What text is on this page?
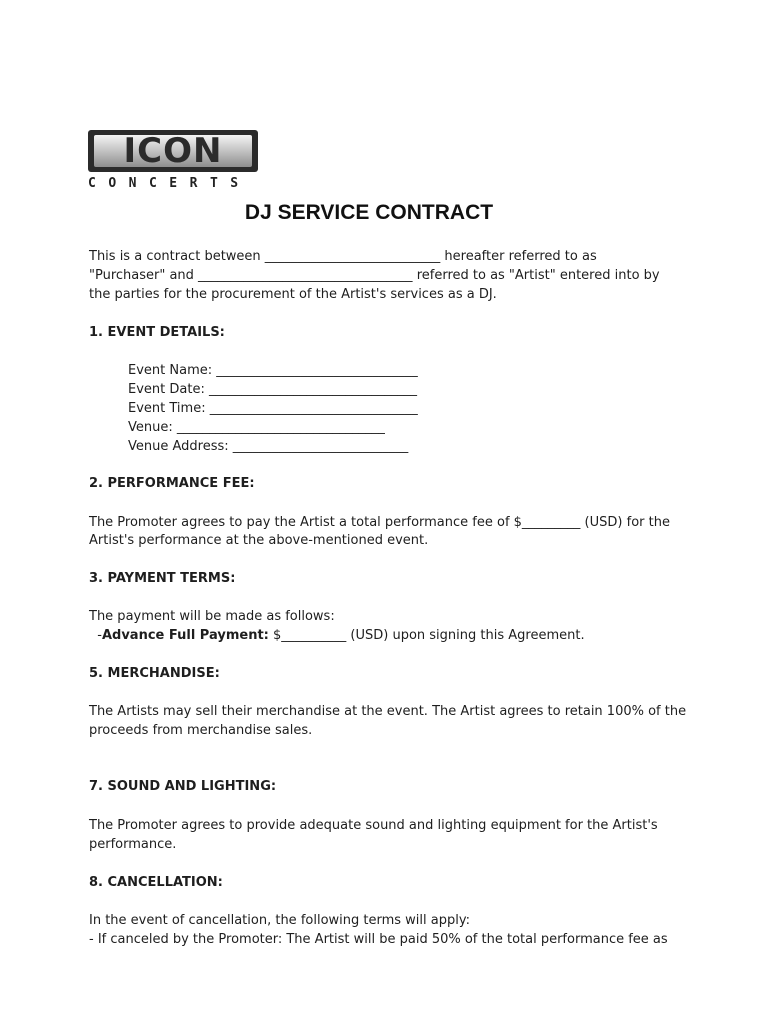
ICON
CONCERTS
DJ SERVICE CONTRACT

This is a contract between ___________________________ hereafter referred to as

"Purchaser" and _________________________________ referred to as "Artist" entered into by

the parties for the procurement of the Artist's services as a DJ.

1. EVENT DETAILS:

Event Name: _______________________________

Event Date: ________________________________

Event Time: ________________________________

Venue: ________________________________

Venue Address: ___________________________

2. PERFORMANCE FEE:

The Promoter agrees to pay the Artist a total performance fee of $_________ (USD) for the

Artist's performance at the above-mentioned event.

3. PAYMENT TERMS:

The payment will be made as follows:

-Advance Full Payment: $__________ (USD) upon signing this Agreement.

5. MERCHANDISE:

The Artists may sell their merchandise at the event. The Artist agrees to retain 100% of the

proceeds from merchandise sales.

7. SOUND AND LIGHTING:

The Promoter agrees to provide adequate sound and lighting equipment for the Artist's

performance.

8. CANCELLATION:

In the event of cancellation, the following terms will apply:

- If canceled by the Promoter: The Artist will be paid 50% of the total performance fee as
